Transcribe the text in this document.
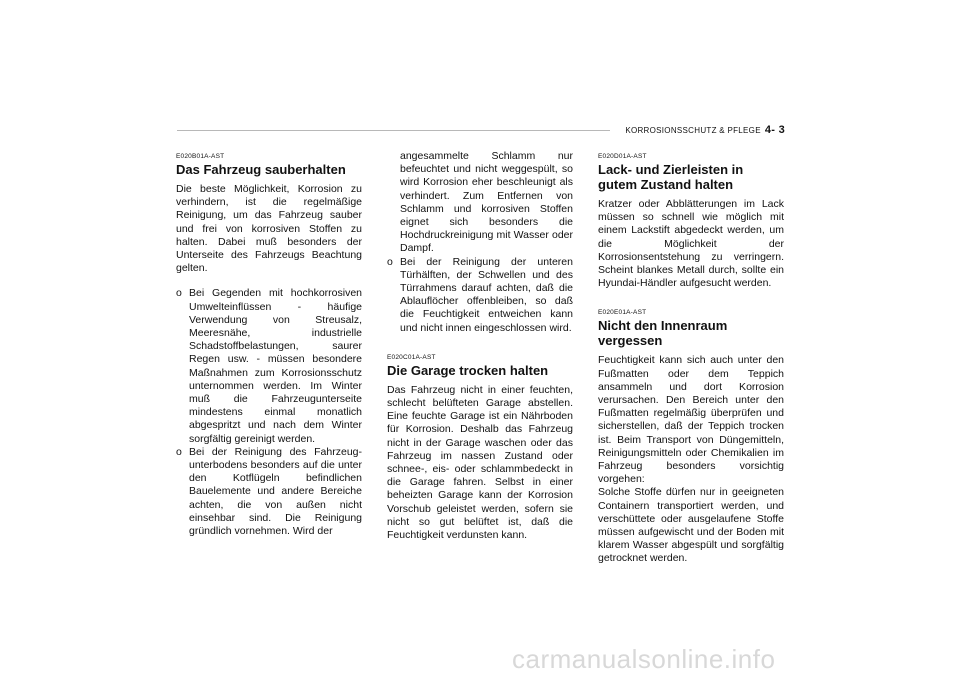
KORROSIONSSCHUTZ & PFLEGE 4- 3

E020B01A-AST

Das Fahrzeug sauberhalten

Die beste Möglichkeit, Korrosion zu verhindern, ist die regelmäßige Reinigung, um das Fahrzeug sauber und frei von korrosiven Stoffen zu halten. Dabei muß besonders der Unterseite des Fahrzeugs Beachtung gelten.

o Bei Gegenden mit hochkorrosiven Umwelteinflüssen - häufige Verwendung von Streusalz, Meeresnähe, industrielle Schadstoffbelastungen, saurer Regen usw. - müssen besondere Maßnahmen zum Korrosionsschutz unternommen werden. Im Winter muß die Fahrzeugunterseite mindestens einmal monatlich abgespritzt und nach dem Winter sorgfältig gereinigt werden.
o Bei der Reinigung des Fahrzeug-unterbodens besonders auf die unter den Kotflügeln befindlichen Bauelemente und andere Bereiche achten, die von außen nicht einsehbar sind. Die Reinigung gründlich vornehmen. Wird der

angesammelte Schlamm nur befeuchtet und nicht weggespült, so wird Korrosion eher beschleunigt als verhindert. Zum Entfernen von Schlamm und korrosiven Stoffen eignet sich besonders die Hochdruckreinigung mit Wasser oder Dampf.

o Bei der Reinigung der unteren Türhälften, der Schwellen und des Türrahmens darauf achten, daß die Ablauflöcher offenbleiben, so daß die Feuchtigkeit entweichen kann und nicht innen eingeschlossen wird.

E020C01A-AST

Die Garage trocken halten

Das Fahrzeug nicht in einer feuchten, schlecht belüfteten Garage abstellen. Eine feuchte Garage ist ein Nährboden für Korrosion. Deshalb das Fahrzeug nicht in der Garage waschen oder das Fahrzeug im nassen Zustand oder schnee-, eis- oder schlammbedeckt in die Garage fahren. Selbst in einer beheizten Garage kann der Korrosion Vorschub geleistet werden, sofern sie nicht so gut belüftet ist, daß die Feuchtigkeit verdunsten kann.

E020D01A-AST

Lack- und Zierleisten in gutem Zustand halten

Kratzer oder Abblätterungen im Lack müssen so schnell wie möglich mit einem Lackstift abgedeckt werden, um die Möglichkeit der Korrosionsentstehung zu verringern. Scheint blankes Metall durch, sollte ein Hyundai-Händler aufgesucht werden.

E020E01A-AST

Nicht den Innenraum vergessen

Feuchtigkeit kann sich auch unter den Fußmatten oder dem Teppich ansammeln und dort Korrosion verursachen. Den Bereich unter den Fußmatten regelmäßig überprüfen und sicherstellen, daß der Teppich trocken ist. Beim Transport von Düngemitteln, Reinigungsmitteln oder Chemikalien im Fahrzeug besonders vorsichtig vorgehen:

Solche Stoffe dürfen nur in geeigneten Containern transportiert werden, und verschüttete oder ausgelaufene Stoffe müssen aufgewischt und der Boden mit klarem Wasser abgespült und sorgfältig getrocknet werden.

carmanualsonline.info
